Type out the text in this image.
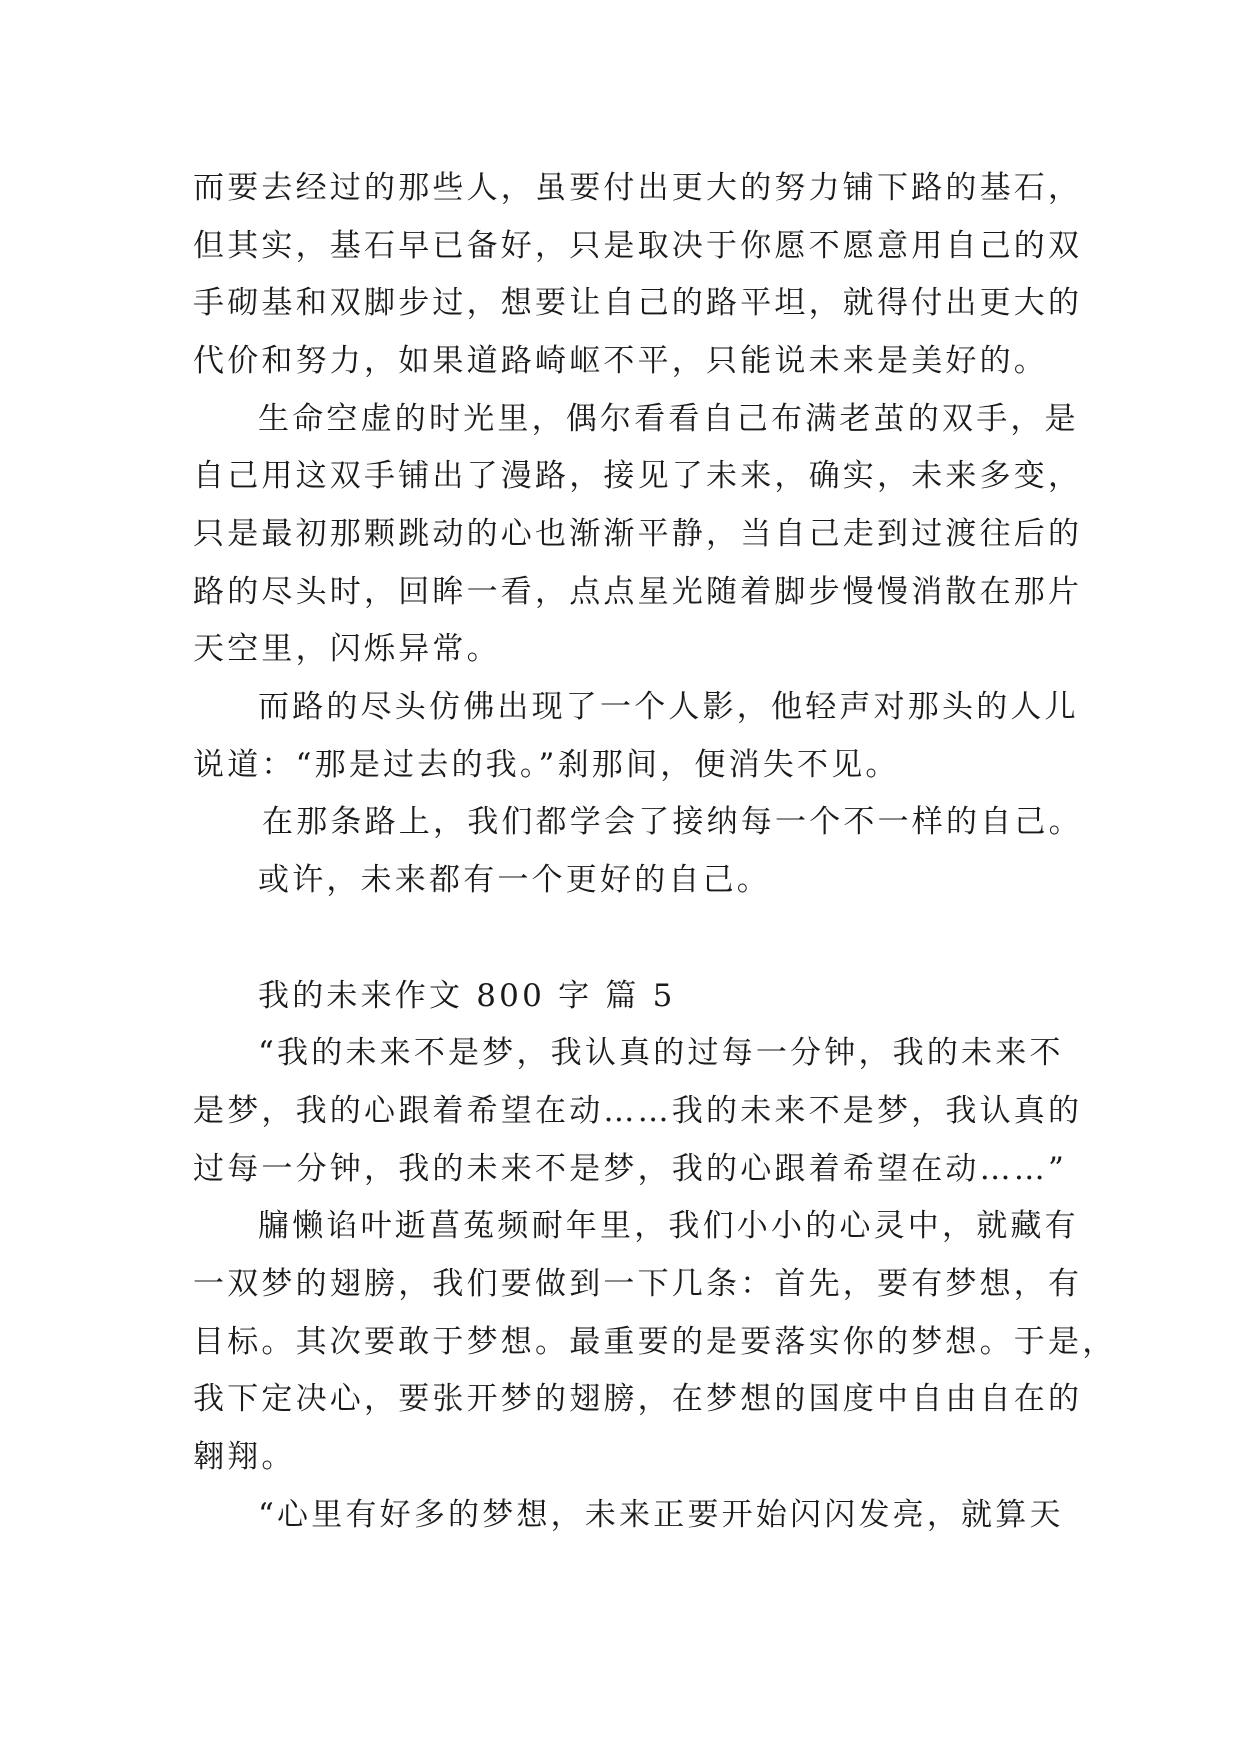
而要去经过的那些人，虽要付出更大的努力铺下路的基石，
但其实，基石早已备好，只是取决于你愿不愿意用自己的双
手砌基和双脚步过，想要让自己的路平坦，就得付出更大的
代价和努力，如果道路崎岖不平，只能说未来是美好的。
生命空虚的时光里，偶尔看看自己布满老茧的双手，是
自己用这双手铺出了漫路，接见了未来，确实，未来多变，
只是最初那颗跳动的心也渐渐平静，当自己走到过渡往后的
路的尽头时，回眸一看，点点星光随着脚步慢慢消散在那片
天空里，闪烁异常。
而路的尽头仿佛出现了一个人影，他轻声对那头的人儿
说道：“那是过去的我。”刹那间，便消失不见。
在那条路上，我们都学会了接纳每一个不一样的自己。
或许，未来都有一个更好的自己。
我的未来作文 800 字 篇 5
“我的未来不是梦，我认真的过每一分钟，我的未来不
是梦，我的心跟着希望在动……我的未来不是梦，我认真的
过每一分钟，我的未来不是梦，我的心跟着希望在动……”
牖懒谄叶逝菖菟频耐年里，我们小小的心灵中，就藏有
一双梦的翅膀，我们要做到一下几条：首先，要有梦想，有
目标。其次要敢于梦想。最重要的是要落实你的梦想。于是，
我下定决心，要张开梦的翅膀，在梦想的国度中自由自在的
翱翔。
“心里有好多的梦想，未来正要开始闪闪发亮，就算天
